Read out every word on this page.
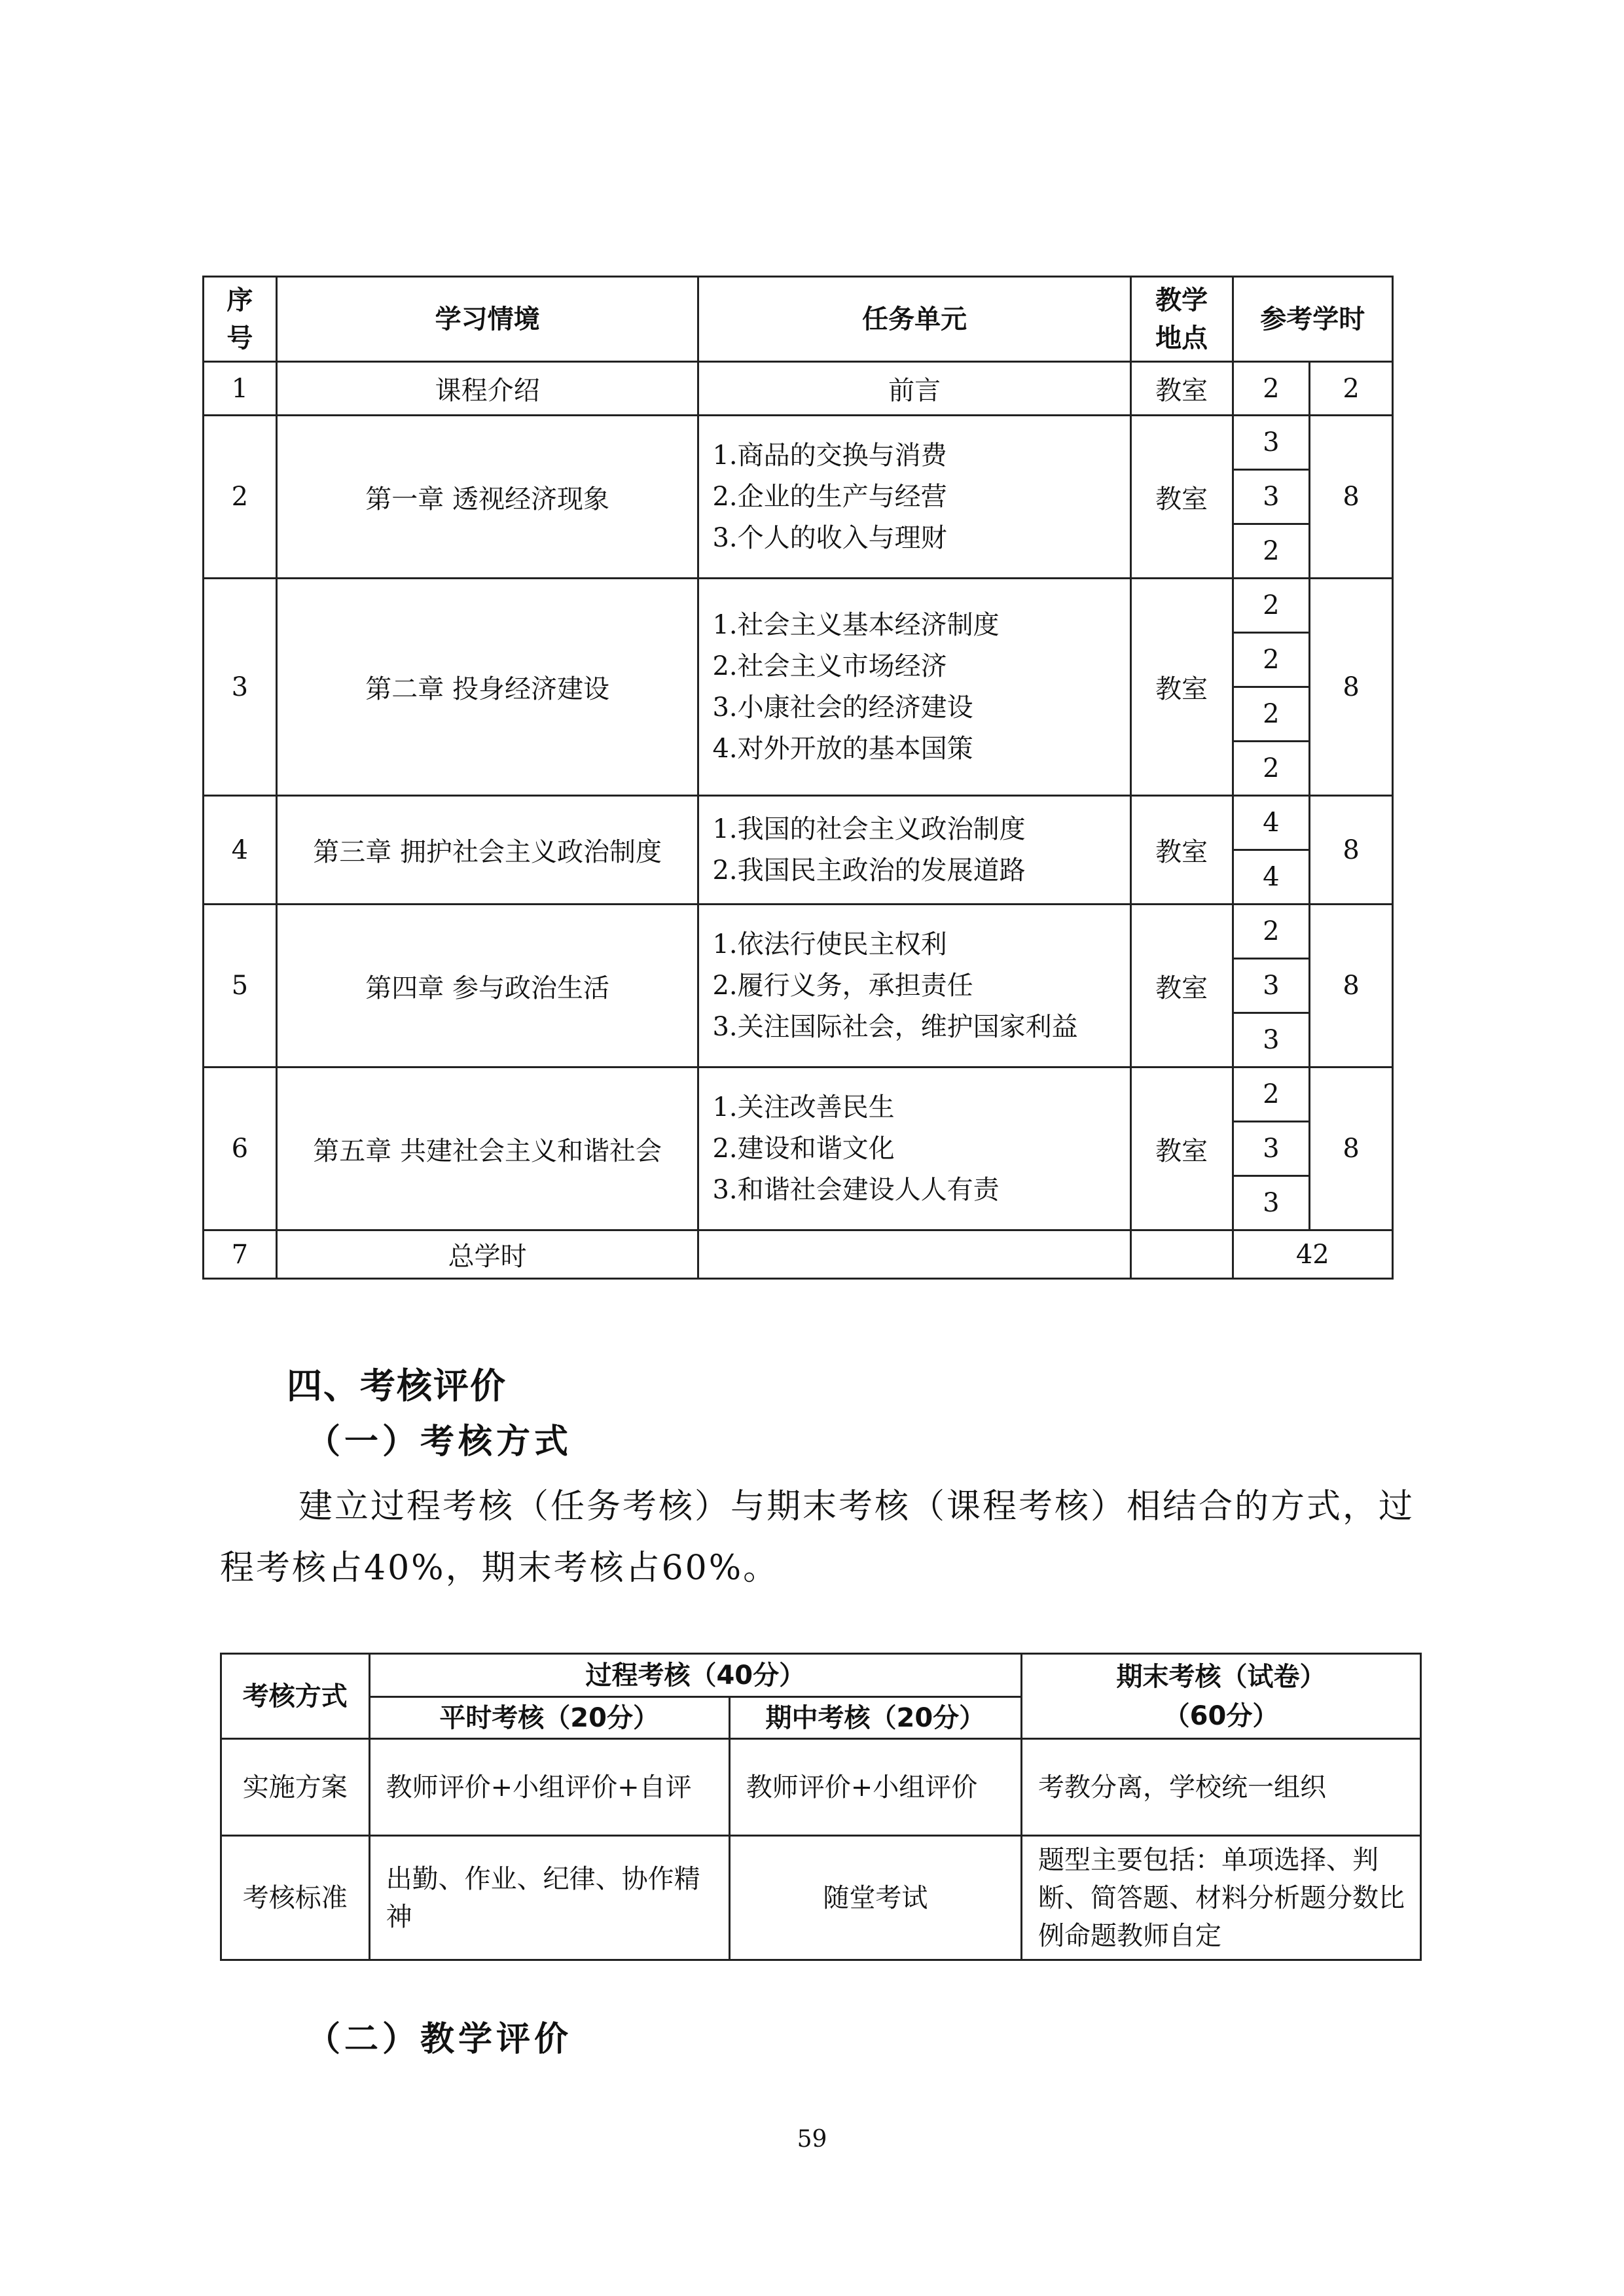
序号	学习情境	任务单元	教学地点	参考学时	
1	课程介绍	前言	教室	2	2
2	第一章 透视经济现象	1.商品的交换与消费
2.企业的生产与经营
3.个人的收入与理财	教室	3	8
				3	
				2	
3	第二章 投身经济建设	1.社会主义基本经济制度
2.社会主义市场经济
3.小康社会的经济建设
4.对外开放的基本国策	教室	2	8
				2	
				2	
				2	
4	第三章 拥护社会主义政治制度	1.我国的社会主义政治制度
2.我国民主政治的发展道路	教室	4	8
				4	
5	第四章 参与政治生活	1.依法行使民主权利
2.履行义务，承担责任
3.关注国际社会，维护国家利益	教室	2	8
				3	
				3	
6	第五章 共建社会主义和谐社会	1.关注改善民生
2.建设和谐文化
3.和谐社会建设人人有责	教室	2	8
				3	
				3	
7	总学时			42	
四、考核评价
（一）考核方式

建立过程考核（任务考核）与期末考核（课程考核）相结合的方式，过程考核占40%，期末考核占60%。

考核方式	过程考核（40分）		期末考核（试卷）
（60分）

	平时考核（20分）	期中考核（20分）	
实施方案	教师评价+小组评价+自评	教师评价+小组评价	考教分离，学校统一组织
考核标准	出勤、作业、纪律、协作精神	随堂考试	题型主要包括：单项选择、判断、简答题、材料分析题分数比例命题教师自定
（二）教学评价
59
